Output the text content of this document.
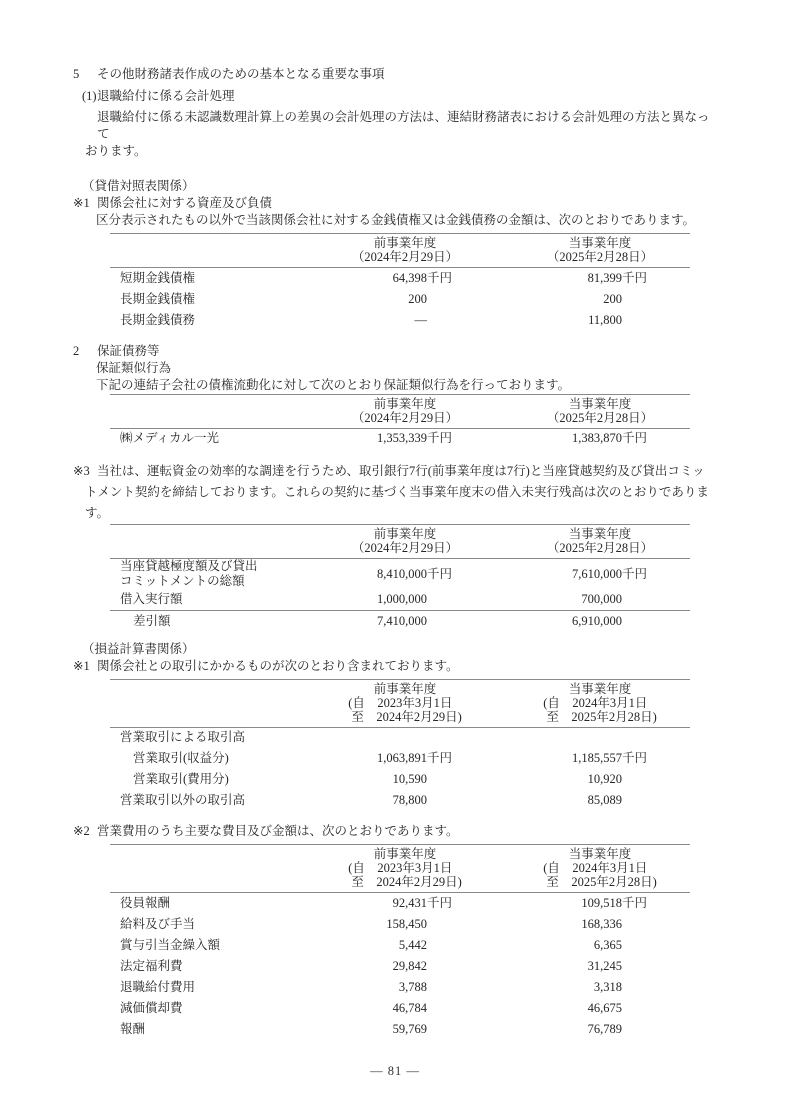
5	その他財務諸表作成のための基本となる重要な事項
(1) 退職給付に係る会計処理
退職給付に係る未認識数理計算上の差異の会計処理の方法は、連結財務諸表における会計処理の方法と異なって
おります。
（貸借対照表関係）
※1 関係会社に対する資産及び負債
区分表示されたもの以外で当該関係会社に対する金銭債権又は金銭債務の金額は、次のとおりであります。

	前事業年度
（2024年2月29日）	当事業年度
（2025年2月28日）

短期金銭債権	64,398千円	81,399千円
長期金銭債権	200	200
長期金銭債務	—	11,800
2	保証債務等
保証類似行為
下記の連結子会社の債権流動化に対して次のとおり保証類似行為を行っております。

	前事業年度
（2024年2月29日）	当事業年度
（2025年2月28日）

㈱メディカル一光	1,353,339千円	1,383,870千円
※3 当社は、運転資金の効率的な調達を行うため、取引銀行7行(前事業年度は7行)と当座貸越契約及び貸出コミッ
トメント契約を締結しております。これらの契約に基づく当事業年度末の借入未実行残高は次のとおりでありま
す。

	前事業年度
（2024年2月29日）	当事業年度
（2025年2月28日）

当座貸越極度額及び貸出
コミットメントの総額	8,410,000千円	7,610,000千円
借入実行額	1,000,000	700,000
差引額	7,410,000	6,910,000
（損益計算書関係）
※1 関係会社との取引にかかるものが次のとおり含まれております。

	前事業年度
(自　2023年3月1日
至　2024年2月29日)	当事業年度
(自　2024年3月1日
至　2025年2月28日)

営業取引による取引高		
営業取引(収益分)	1,063,891千円	1,185,557千円
営業取引(費用分)	10,590	10,920
営業取引以外の取引高	78,800	85,089
※2 営業費用のうち主要な費目及び金額は、次のとおりであります。

	前事業年度
(自　2023年3月1日
至　2024年2月29日)	当事業年度
(自　2024年3月1日
至　2025年2月28日)

役員報酬	92,431千円	109,518千円
給料及び手当	158,450	168,336
賞与引当金繰入額	5,442	6,365
法定福利費	29,842	31,245
退職給付費用	3,788	3,318
減価償却費	46,784	46,675
報酬	59,769	76,789
— 81 —
